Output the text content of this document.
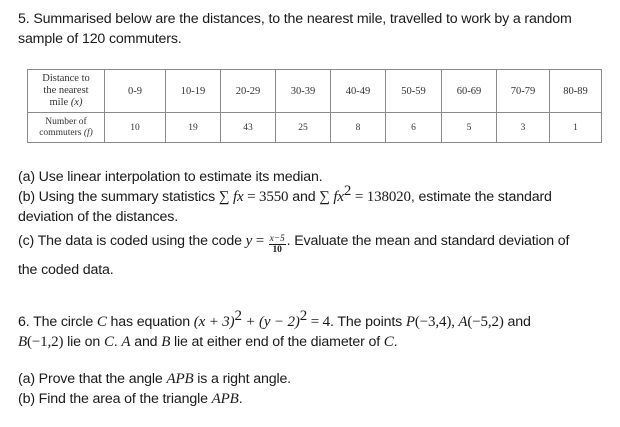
5. Summarised below are the distances, to the nearest mile, travelled to work by a random
sample of 120 commuters.
Distance to
the nearest
mile (x)	0-9	10-19	20-29	30-39	40-49	50-59	60-69	70-79	80-89

Number of
commuters (f)	10	19	43	25	8	6	5	3	1
(a) Use linear interpolation to estimate its median.
(b) Using the summary statistics ∑ fx = 3550 and ∑ $fx^2 = 138020$, estimate the standard
deviation of the distances.
(c) The data is coded using the code $y = \frac{x-5}{10}$ . Evaluate the mean and standard deviation of
the coded data.
6. The circle C has equation $(x + 3)^2 + (y - 2)^2 = 4$. The points P(−3,4), A(−5,2) and
B(−1,2) lie on C. A and B lie at either end of the diameter of C.
(a) Prove that the angle APB is a right angle.
(b) Find the area of the triangle APB.
